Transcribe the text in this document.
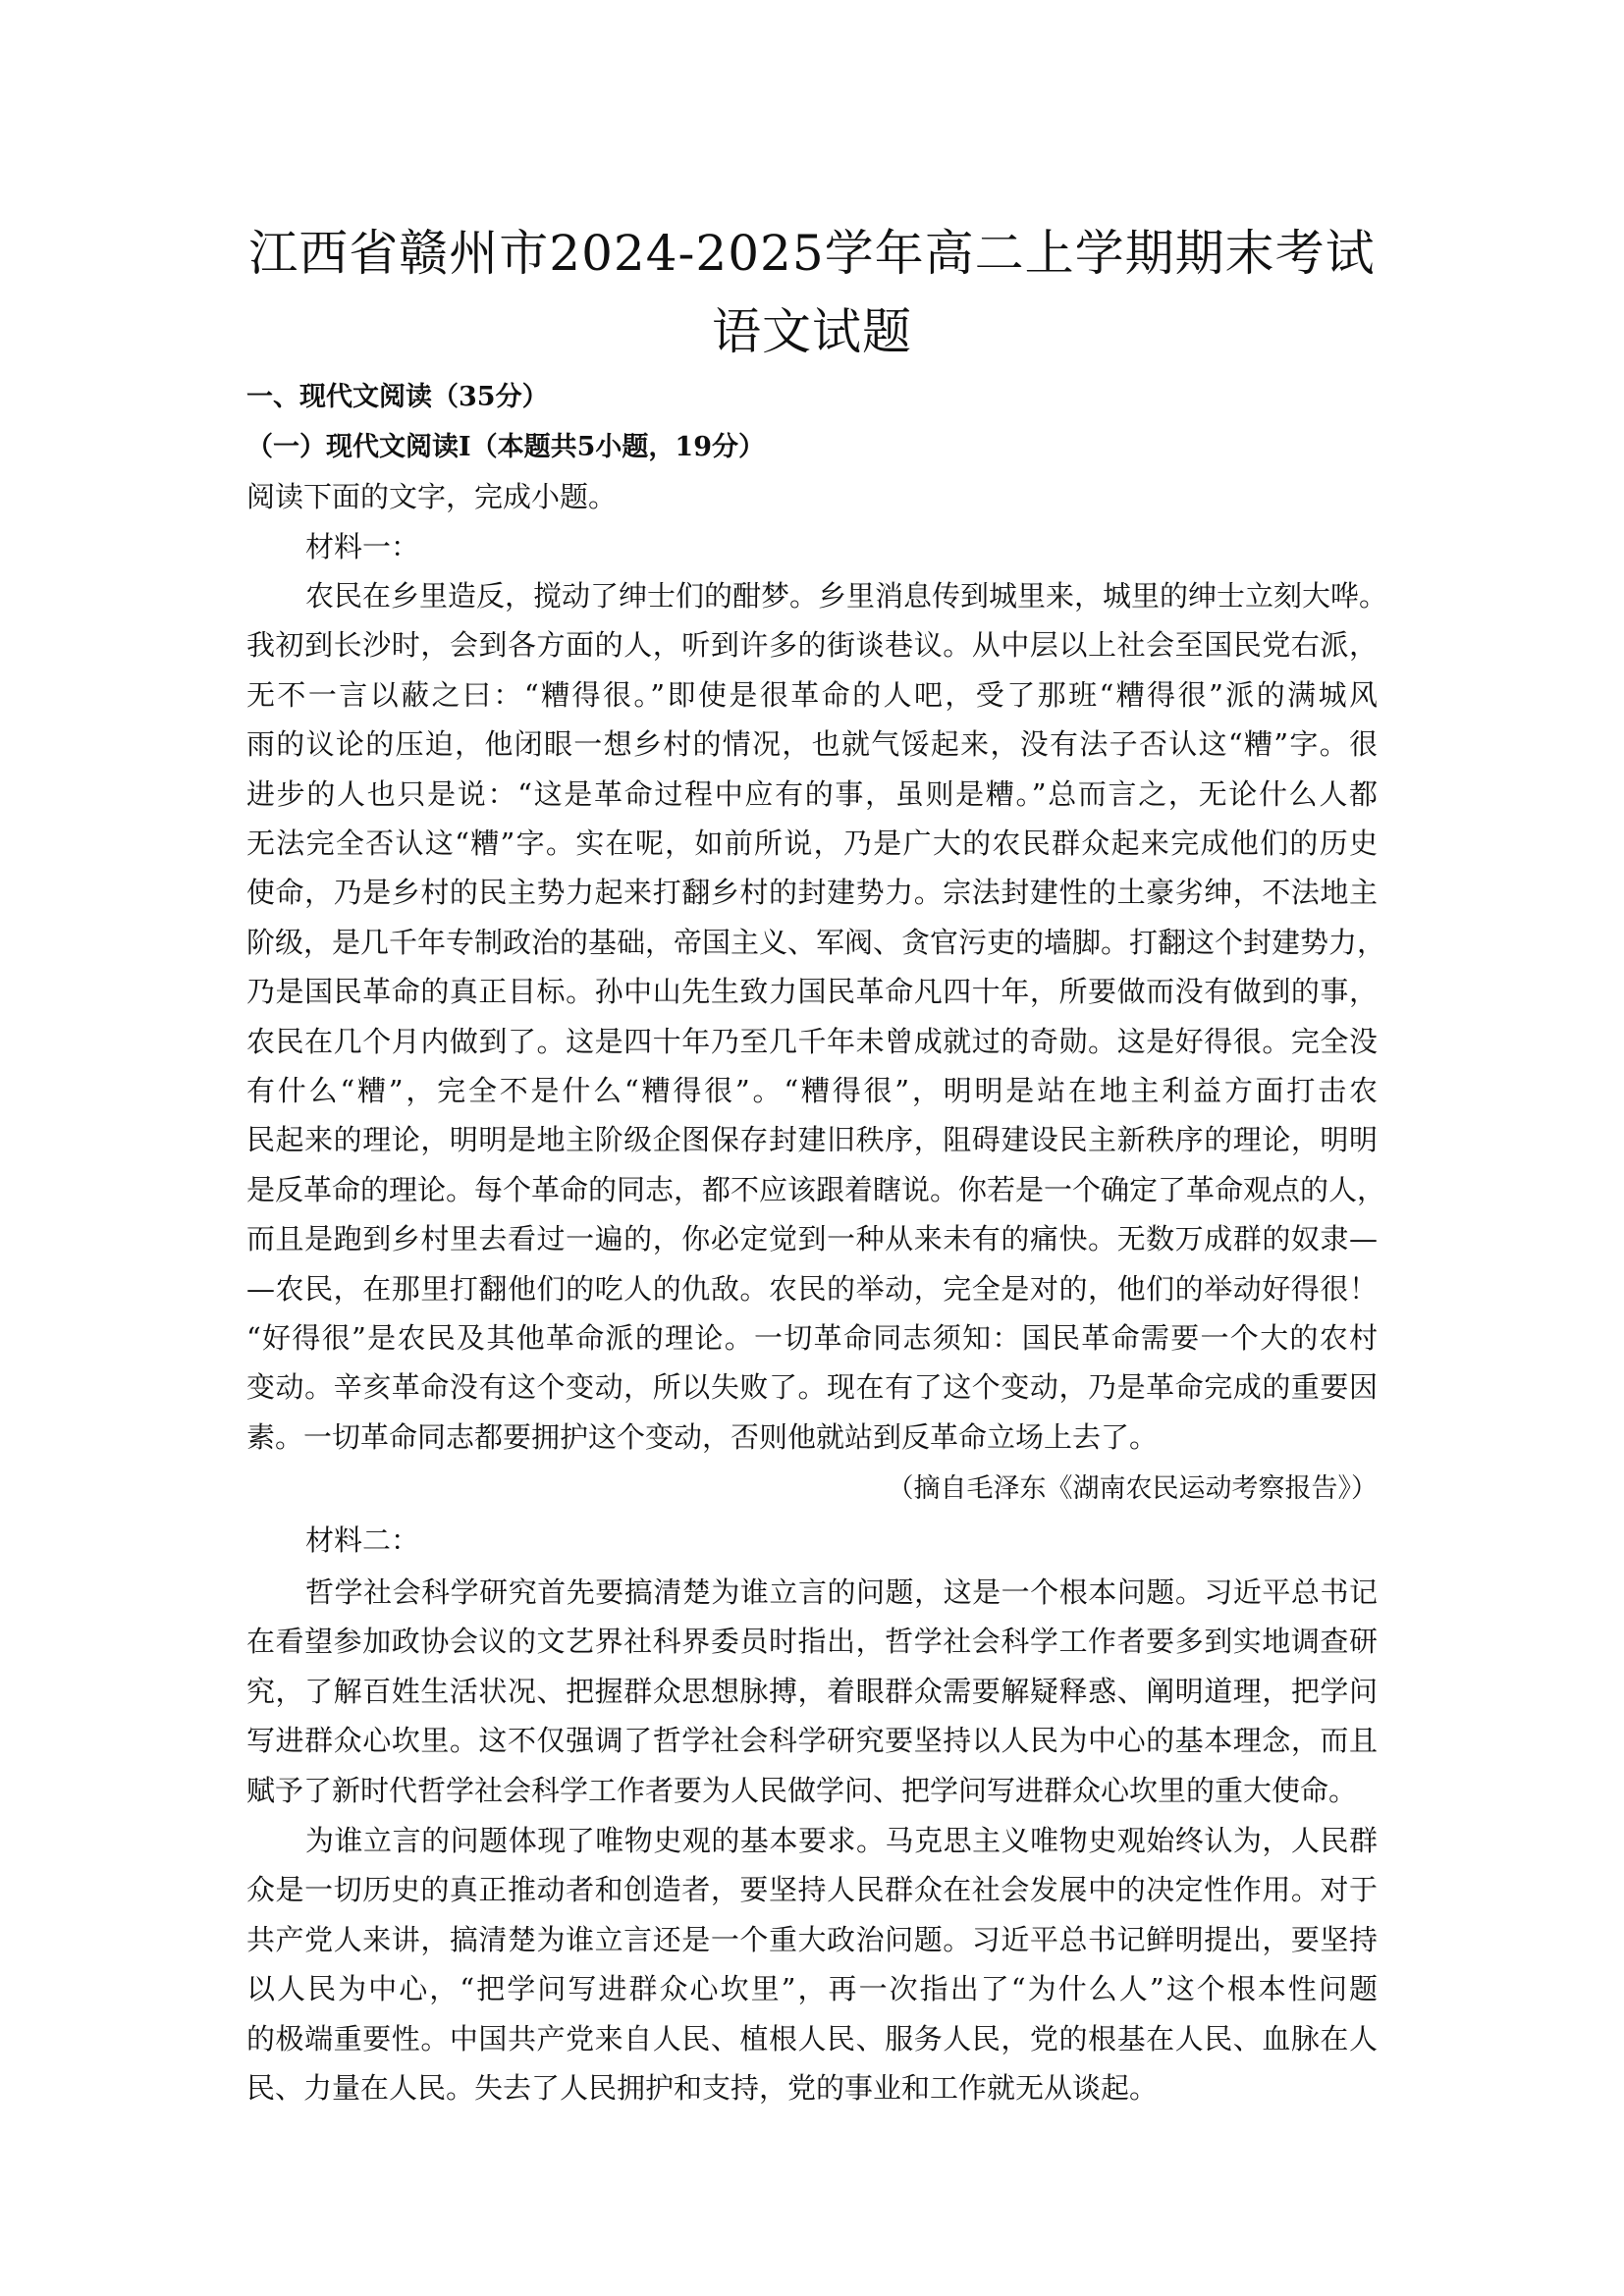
江西省赣州市2024-2025学年高二上学期期末考试
语文试题
一、现代文阅读（35分）
（一）现代文阅读I（本题共5小题，19分）
阅读下面的文字，完成小题。
材料一：
农民在乡里造反，搅动了绅士们的酣梦。乡里消息传到城里来，城里的绅士立刻大哗。
我初到长沙时，会到各方面的人，听到许多的街谈巷议。从中层以上社会至国民党右派，
无不一言以蔽之曰：“糟得很。”即使是很革命的人吧，受了那班“糟得很”派的满城风
雨的议论的压迫，他闭眼一想乡村的情况，也就气馁起来，没有法子否认这“糟”字。很
进步的人也只是说：“这是革命过程中应有的事，虽则是糟。”总而言之，无论什么人都
无法完全否认这“糟”字。实在呢，如前所说，乃是广大的农民群众起来完成他们的历史
使命，乃是乡村的民主势力起来打翻乡村的封建势力。宗法封建性的土豪劣绅，不法地主
阶级，是几千年专制政治的基础，帝国主义、军阀、贪官污吏的墙脚。打翻这个封建势力，
乃是国民革命的真正目标。孙中山先生致力国民革命凡四十年，所要做而没有做到的事，
农民在几个月内做到了。这是四十年乃至几千年未曾成就过的奇勋。这是好得很。完全没
有什么“糟”，完全不是什么“糟得很”。“糟得很”，明明是站在地主利益方面打击农
民起来的理论，明明是地主阶级企图保存封建旧秩序，阻碍建设民主新秩序的理论，明明
是反革命的理论。每个革命的同志，都不应该跟着瞎说。你若是一个确定了革命观点的人，
而且是跑到乡村里去看过一遍的，你必定觉到一种从来未有的痛快。无数万成群的奴隶—
—农民，在那里打翻他们的吃人的仇敌。农民的举动，完全是对的，他们的举动好得很！
“好得很”是农民及其他革命派的理论。一切革命同志须知：国民革命需要一个大的农村
变动。辛亥革命没有这个变动，所以失败了。现在有了这个变动，乃是革命完成的重要因
素。一切革命同志都要拥护这个变动，否则他就站到反革命立场上去了。
（摘自毛泽东《湖南农民运动考察报告》）
材料二：
哲学社会科学研究首先要搞清楚为谁立言的问题，这是一个根本问题。习近平总书记
在看望参加政协会议的文艺界社科界委员时指出，哲学社会科学工作者要多到实地调查研
究，了解百姓生活状况、把握群众思想脉搏，着眼群众需要解疑释惑、阐明道理，把学问
写进群众心坎里。这不仅强调了哲学社会科学研究要坚持以人民为中心的基本理念，而且
赋予了新时代哲学社会科学工作者要为人民做学问、把学问写进群众心坎里的重大使命。
为谁立言的问题体现了唯物史观的基本要求。马克思主义唯物史观始终认为，人民群
众是一切历史的真正推动者和创造者，要坚持人民群众在社会发展中的决定性作用。对于
共产党人来讲，搞清楚为谁立言还是一个重大政治问题。习近平总书记鲜明提出，要坚持
以人民为中心，“把学问写进群众心坎里”，再一次指出了“为什么人”这个根本性问题
的极端重要性。中国共产党来自人民、植根人民、服务人民，党的根基在人民、血脉在人
民、力量在人民。失去了人民拥护和支持，党的事业和工作就无从谈起。
